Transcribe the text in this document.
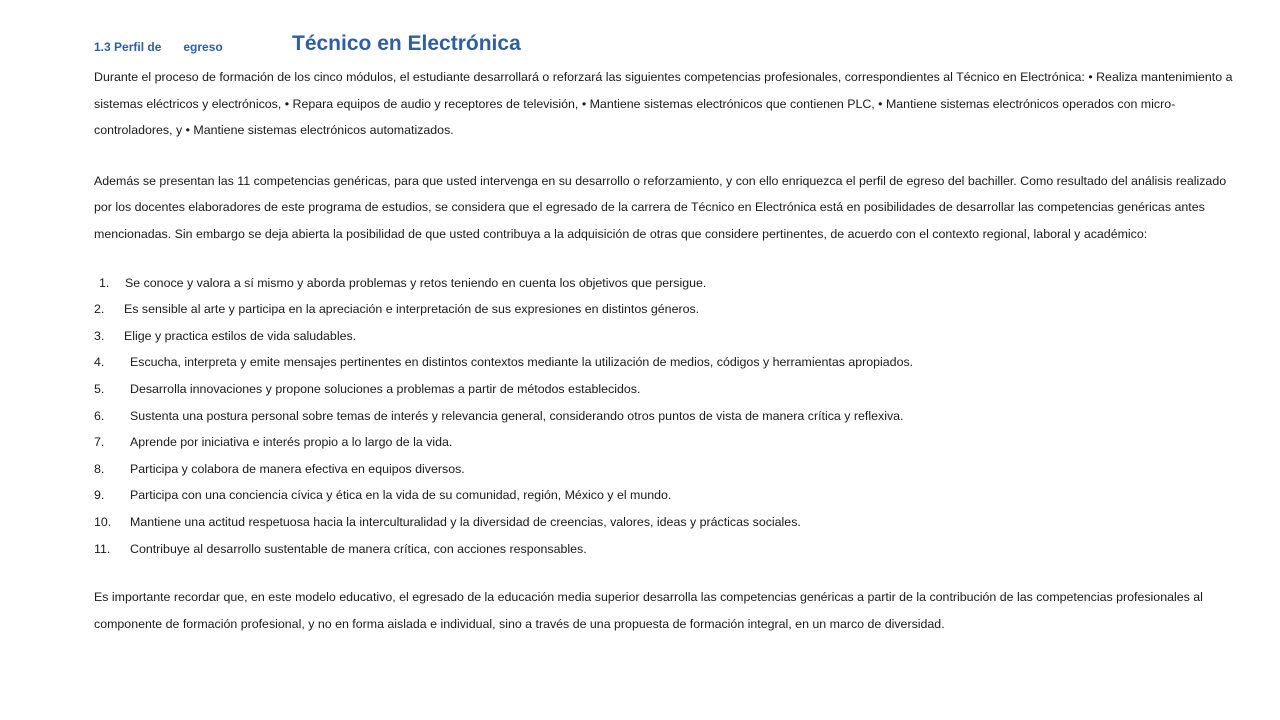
1.3 Perfil de egreso	Técnico en Electrónica

Durante el proceso de formación de los cinco módulos, el estudiante desarrollará o reforzará las siguientes competencias profesionales, correspondientes al Técnico en Electrónica: • Realiza mantenimiento a sistemas eléctricos y electrónicos, • Repara equipos de audio y receptores de televisión, • Mantiene sistemas electrónicos que contienen PLC, • Mantiene sistemas electrónicos operados con micro-controladores, y • Mantiene sistemas electrónicos automatizados.

Además se presentan las 11 competencias genéricas, para que usted intervenga en su desarrollo o reforzamiento, y con ello enriquezca el perfil de egreso del bachiller. Como resultado del análisis realizado por los docentes elaboradores de este programa de estudios, se considera que el egresado de la carrera de Técnico en Electrónica está en posibilidades de desarrollar las competencias genéricas antes mencionadas. Sin embargo se deja abierta la posibilidad de que usted contribuya a la adquisición de otras que considere pertinentes, de acuerdo con el contexto regional, laboral y académico:

1.	Se conoce y valora a sí mismo y aborda problemas y retos teniendo en cuenta los objetivos que persigue.
2.	Es sensible al arte y participa en la apreciación e interpretación de sus expresiones en distintos géneros.
3.	Elige y practica estilos de vida saludables.
4.	Escucha, interpreta y emite mensajes pertinentes en distintos contextos mediante la utilización de medios, códigos y herramientas apropiados.
5.	Desarrolla innovaciones y propone soluciones a problemas a partir de métodos establecidos.
6.	Sustenta una postura personal sobre temas de interés y relevancia general, considerando otros puntos de vista de manera crítica y reflexiva.
7.	Aprende por iniciativa e interés propio a lo largo de la vida.
8.	Participa y colabora de manera efectiva en equipos diversos.
9.	Participa con una conciencia cívica y ética en la vida de su comunidad, región, México y el mundo.
10.	Mantiene una actitud respetuosa hacia la interculturalidad y la diversidad de creencias, valores, ideas y prácticas sociales.
11.	Contribuye al desarrollo sustentable de manera crítica, con acciones responsables.

Es importante recordar que, en este modelo educativo, el egresado de la educación media superior desarrolla las competencias genéricas a partir de la contribución de las competencias profesionales al componente de formación profesional, y no en forma aislada e individual, sino a través de una propuesta de formación integral, en un marco de diversidad.
